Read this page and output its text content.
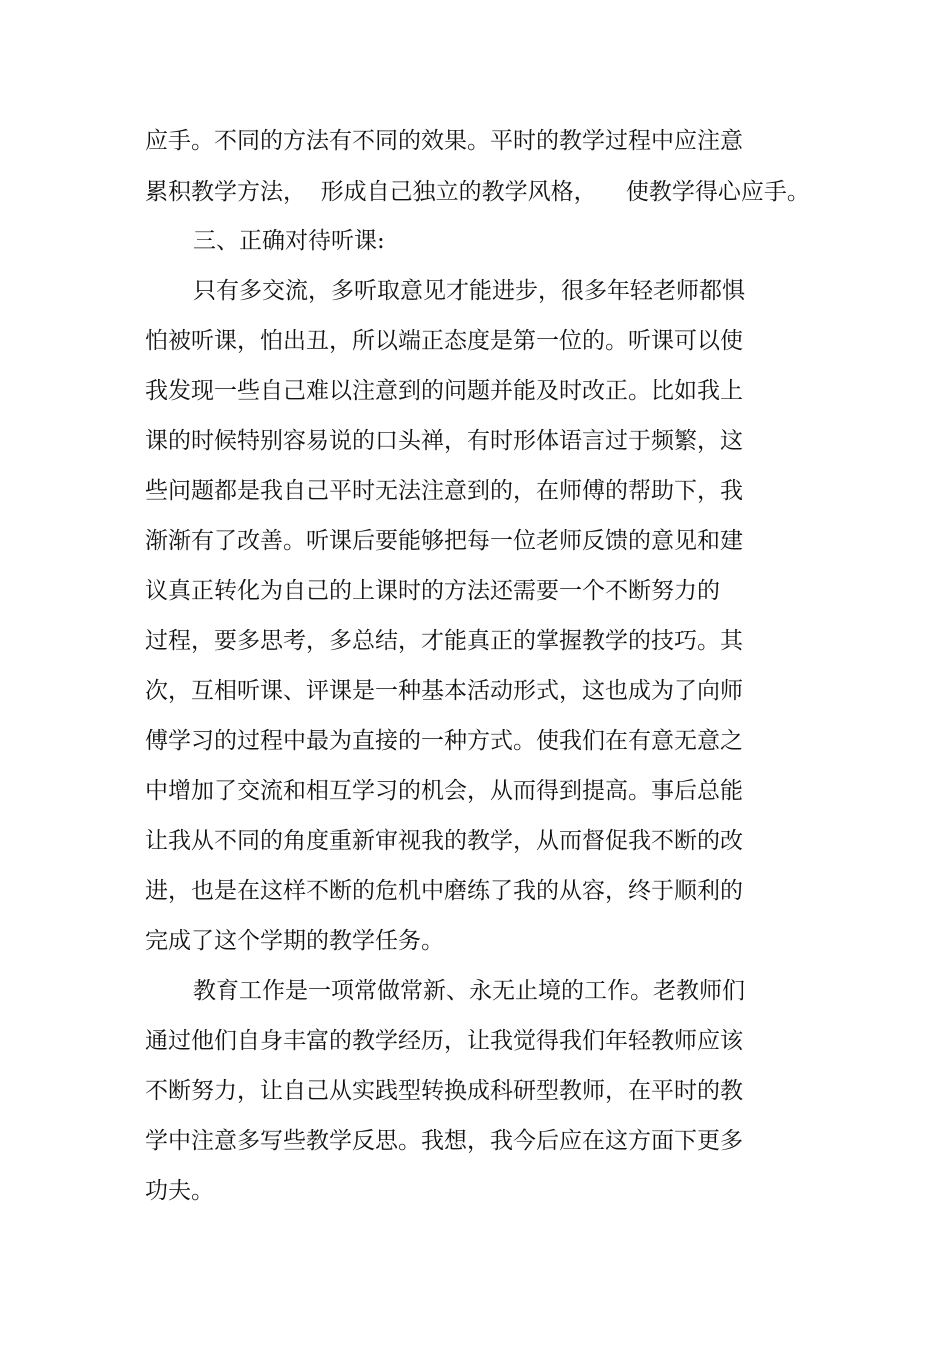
应手。不同的方法有不同的效果。平时的教学过程中应注意
累积教学方法，  形成自己独立的教学风格，    使教学得心应手。
三、正确对待听课:
只有多交流，多听取意见才能进步，很多年轻老师都惧
怕被听课，怕出丑，所以端正态度是第一位的。听课可以使
我发现一些自己难以注意到的问题并能及时改正。比如我上
课的时候特别容易说的口头禅，有时形体语言过于频繁，这
些问题都是我自己平时无法注意到的，在师傅的帮助下，我
渐渐有了改善。听课后要能够把每一位老师反馈的意见和建
议真正转化为自己的上课时的方法还需要一个不断努力的
过程，要多思考，多总结，才能真正的掌握教学的技巧。其
次，互相听课、评课是一种基本活动形式，这也成为了向师
傅学习的过程中最为直接的一种方式。使我们在有意无意之
中增加了交流和相互学习的机会，从而得到提高。事后总能
让我从不同的角度重新审视我的教学，从而督促我不断的改
进，也是在这样不断的危机中磨练了我的从容，终于顺利的
完成了这个学期的教学任务。
教育工作是一项常做常新、永无止境的工作。老教师们
通过他们自身丰富的教学经历，让我觉得我们年轻教师应该
不断努力，让自己从实践型转换成科研型教师，在平时的教
学中注意多写些教学反思。我想，我今后应在这方面下更多
功夫。
